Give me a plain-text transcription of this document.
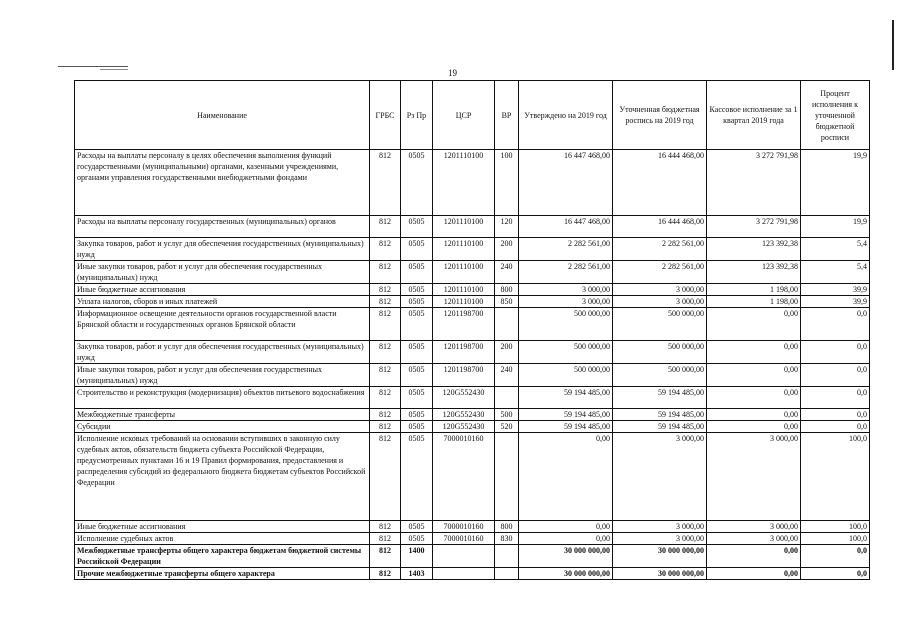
19
Наименование	ГРБС	Рз Пр	ЦСР	ВР	Утверждено на 2019 год	Уточненная бюджетная роспись на 2019 год	Кассовое исполнение за 1 квартал 2019 года	Процент исполнения к уточненной бюджетной росписи
Расходы на выплаты персоналу в целях обеспечения выполнения функций государственными (муниципальными) органами, казенными учреждениями, органами управления государственными внебюджетными фондами	812	0505	1201110100	100	16 447 468,00	16 444 468,00	3 272 791,98	19,9
Расходы на выплаты персоналу государственных (муниципальных) органов	812	0505	1201110100	120	16 447 468,00	16 444 468,00	3 272 791,98	19,9
Закупка товаров, работ и услуг для обеспечения государственных (муниципальных) нужд	812	0505	1201110100	200	2 282 561,00	2 282 561,00	123 392,38	5,4
Иные закупки товаров, работ и услуг для обеспечения государственных (муниципальных) нужд	812	0505	1201110100	240	2 282 561,00	2 282 561,00	123 392,38	5,4
Иные бюджетные ассигнования	812	0505	1201110100	800	3 000,00	3 000,00	1 198,00	39,9
Уплата налогов, сборов и иных платежей	812	0505	1201110100	850	3 000,00	3 000,00	1 198,00	39,9
Информационное освещение деятельности органов государственной власти Брянской области и государственных органов Брянской области	812	0505	1201198700		500 000,00	500 000,00	0,00	0,0
Закупка товаров, работ и услуг для обеспечения государственных (муниципальных) нужд	812	0505	1201198700	200	500 000,00	500 000,00	0,00	0,0
Иные закупки товаров, работ и услуг для обеспечения государственных (муниципальных) нужд	812	0505	1201198700	240	500 000,00	500 000,00	0,00	0,0
Строительство и реконструкция (модернизация) объектов питьевого водоснабжения	812	0505	120G552430		59 194 485,00	59 194 485,00	0,00	0,0
Межбюджетные трансферты	812	0505	120G552430	500	59 194 485,00	59 194 485,00	0,00	0,0
Субсидии	812	0505	120G552430	520	59 194 485,00	59 194 485,00	0,00	0,0
Исполнение исковых требований на основании вступивших в законную силу судебных актов, обязательств бюджета субъекта Российской Федерации, предусмотренных пунктами 16 и 19 Правил формирования, предоставления и распределения субсидий из федерального бюджета бюджетам субъектов Российской Федерации	812	0505	7000010160		0,00	3 000,00	3 000,00	100,0
Иные бюджетные ассигнования	812	0505	7000010160	800	0,00	3 000,00	3 000,00	100,0
Исполнение судебных актов	812	0505	7000010160	830	0,00	3 000,00	3 000,00	100,0
Межбюджетные трансферты общего характера бюджетам бюджетной системы Российской Федерации	812	1400			30 000 000,00	30 000 000,00	0,00	0,0
Прочие межбюджетные трансферты общего характера	812	1403			30 000 000,00	30 000 000,00	0,00	0,0
